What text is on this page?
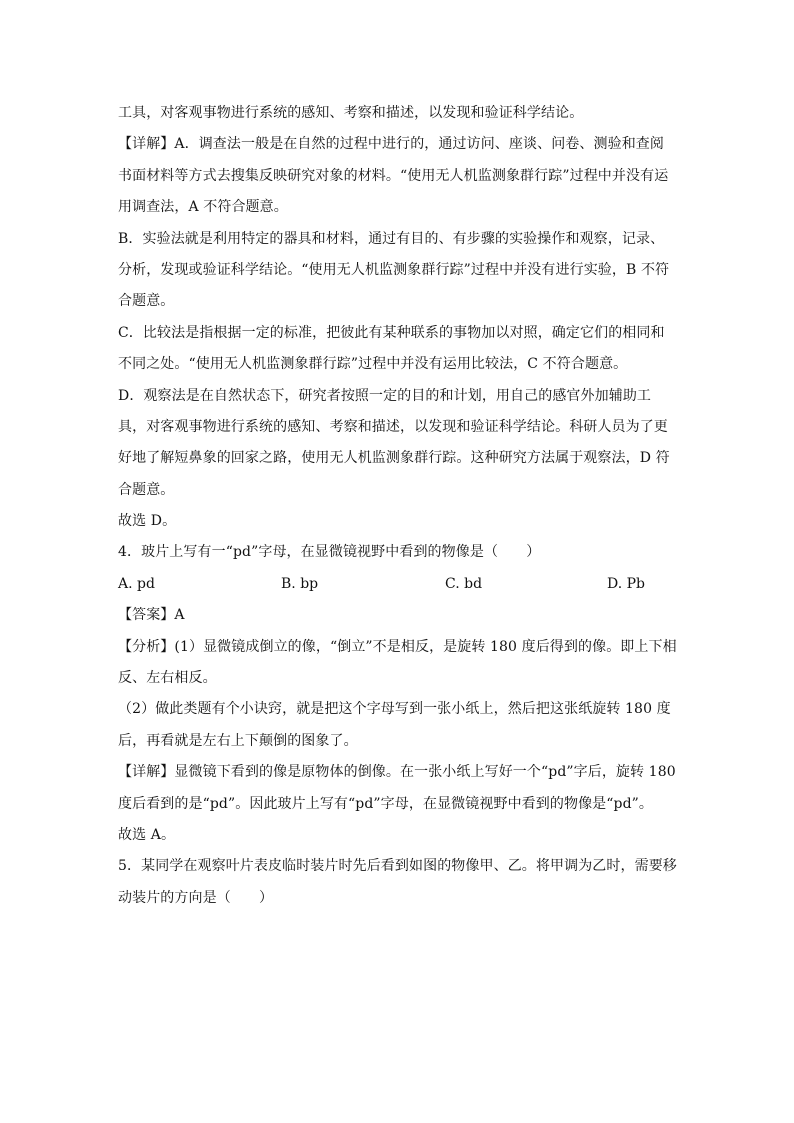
工具，对客观事物进行系统的感知、考察和描述，以发现和验证科学结论。
【详解】A．调查法一般是在自然的过程中进行的，通过访问、座谈、问卷、测验和查阅
书面材料等方式去搜集反映研究对象的材料。“使用无人机监测象群行踪”过程中并没有运
用调查法，A 不符合题意。
B．实验法就是利用特定的器具和材料，通过有目的、有步骤的实验操作和观察，记录、
分析，发现或验证科学结论。“使用无人机监测象群行踪”过程中并没有进行实验，B 不符
合题意。
C．比较法是指根据一定的标准，把彼此有某种联系的事物加以对照，确定它们的相同和
不同之处。“使用无人机监测象群行踪”过程中并没有运用比较法，C 不符合题意。
D．观察法是在自然状态下，研究者按照一定的目的和计划，用自己的感官外加辅助工
具，对客观事物进行系统的感知、考察和描述，以发现和验证科学结论。科研人员为了更
好地了解短鼻象的回家之路，使用无人机监测象群行踪。这种研究方法属于观察法，D 符
合题意。
故选 D。
4．玻片上写有一“pd”字母，在显微镜视野中看到的物像是（　　）
A. pd	B. bp	C. bd	D. Pb
【答案】A
【分析】(1）显微镜成倒立的像，“倒立”不是相反，是旋转 180 度后得到的像。即上下相
反、左右相反。
（2）做此类题有个小诀窍，就是把这个字母写到一张小纸上，然后把这张纸旋转 180 度
后，再看就是左右上下颠倒的图象了。
【详解】显微镜下看到的像是原物体的倒像。在一张小纸上写好一个“pd”字后，旋转 180
度后看到的是“pd”。因此玻片上写有“pd”字母，在显微镜视野中看到的物像是“pd”。
故选 A。
5．某同学在观察叶片表皮临时装片时先后看到如图的物像甲、乙。将甲调为乙时，需要移
动装片的方向是（　　）
